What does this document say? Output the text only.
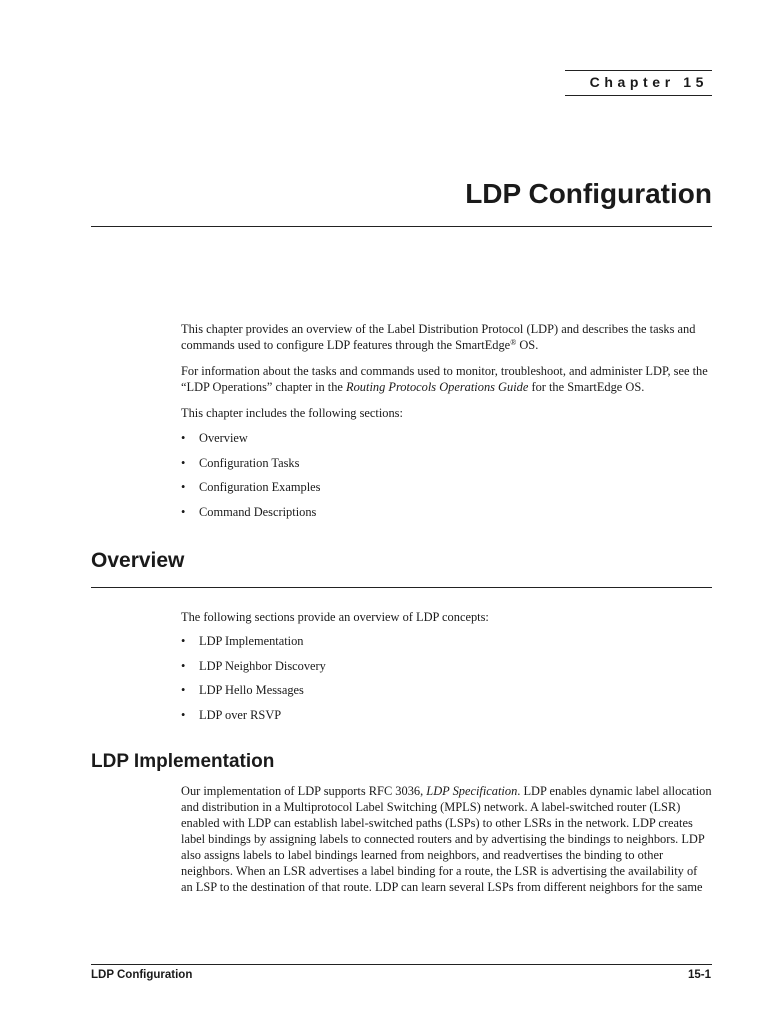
Chapter 15
LDP Configuration

This chapter provides an overview of the Label Distribution Protocol (LDP) and describes the tasks and commands used to configure LDP features through the SmartEdge® OS.

For information about the tasks and commands used to monitor, troubleshoot, and administer LDP, see the “LDP Operations” chapter in the Routing Protocols Operations Guide for the SmartEdge OS.

This chapter includes the following sections:
• Overview
• Configuration Tasks
• Configuration Examples
• Command Descriptions
Overview
The following sections provide an overview of LDP concepts:
• LDP Implementation
• LDP Neighbor Discovery
• LDP Hello Messages
• LDP over RSVP
LDP Implementation

Our implementation of LDP supports RFC 3036, LDP Specification. LDP enables dynamic label allocation and distribution in a Multiprotocol Label Switching (MPLS) network. A label-switched router (LSR) enabled with LDP can establish label-switched paths (LSPs) to other LSRs in the network. LDP creates label bindings by assigning labels to connected routers and by advertising the bindings to neighbors. LDP also assigns labels to label bindings learned from neighbors, and readvertises the binding to other neighbors. When an LSR advertises a label binding for a route, the LSR is advertising the availability of an LSP to the destination of that route. LDP can learn several LSPs from different neighbors for the same

LDP Configuration	15-1
